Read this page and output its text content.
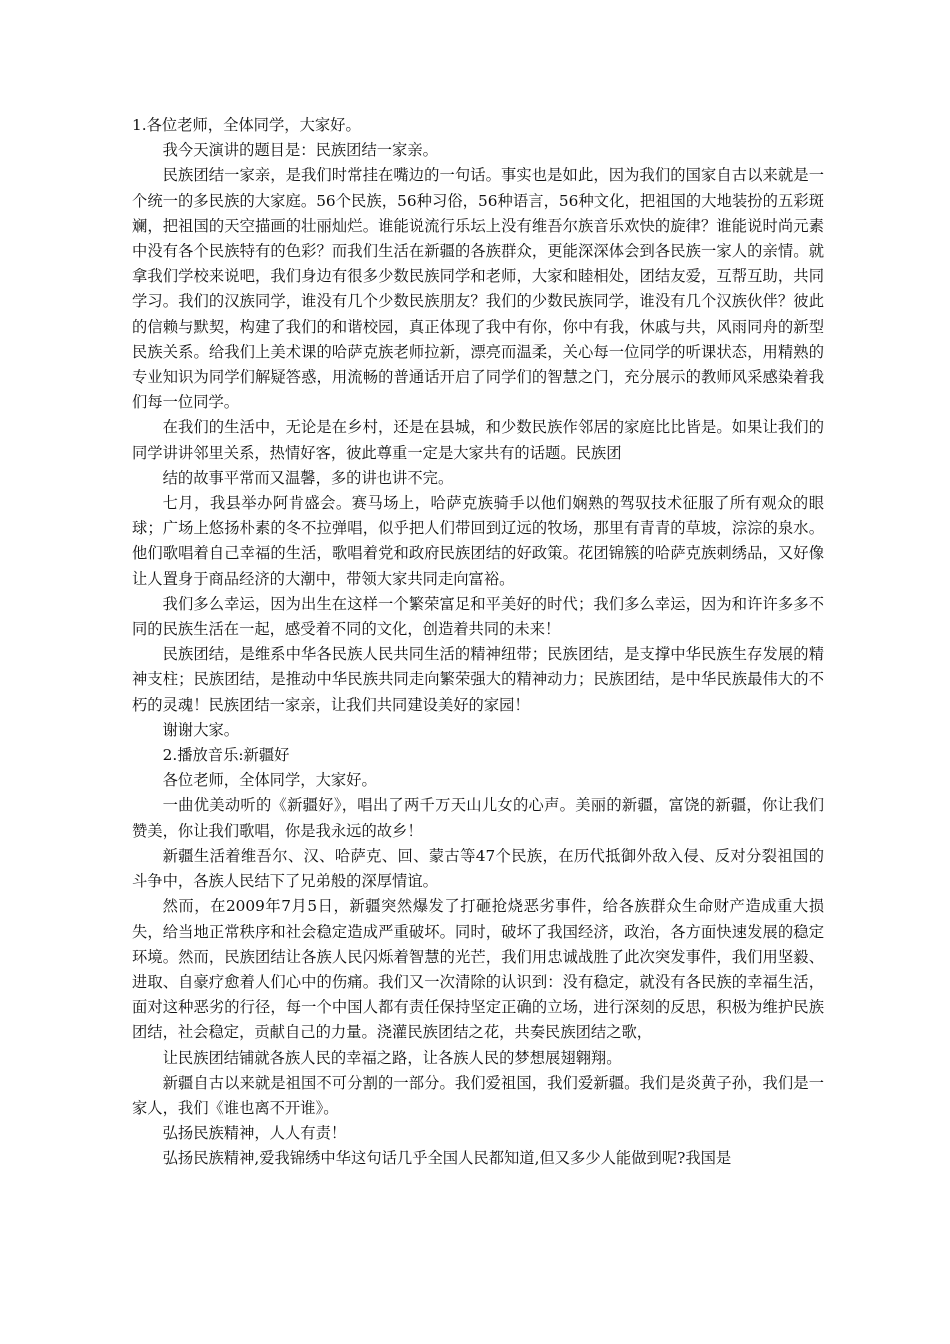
1.各位老师，全体同学，大家好。

我今天演讲的题目是：民族团结一家亲。

民族团结一家亲，是我们时常挂在嘴边的一句话。事实也是如此，因为我们的国家自古以来就是一个统一的多民族的大家庭。56个民族，56种习俗，56种语言，56种文化，把祖国的大地装扮的五彩斑斓，把祖国的天空描画的壮丽灿烂。谁能说流行乐坛上没有维吾尔族音乐欢快的旋律？谁能说时尚元素中没有各个民族特有的色彩？而我们生活在新疆的各族群众，更能深深体会到各民族一家人的亲情。就拿我们学校来说吧，我们身边有很多少数民族同学和老师，大家和睦相处，团结友爱，互帮互助，共同学习。我们的汉族同学，谁没有几个少数民族朋友？我们的少数民族同学，谁没有几个汉族伙伴？彼此的信赖与默契，构建了我们的和谐校园，真正体现了我中有你，你中有我，休戚与共，风雨同舟的新型民族关系。给我们上美术课的哈萨克族老师拉新，漂亮而温柔，关心每一位同学的听课状态，用精熟的专业知识为同学们解疑答惑，用流畅的普通话开启了同学们的智慧之门，充分展示的教师风采感染着我们每一位同学。

在我们的生活中，无论是在乡村，还是在县城，和少数民族作邻居的家庭比比皆是。如果让我们的同学讲讲邻里关系，热情好客，彼此尊重一定是大家共有的话题。民族团

结的故事平常而又温馨，多的讲也讲不完。

七月，我县举办阿肯盛会。赛马场上，哈萨克族骑手以他们娴熟的驾驭技术征服了所有观众的眼球；广场上悠扬朴素的冬不拉弹唱，似乎把人们带回到辽远的牧场，那里有青青的草坡，淙淙的泉水。他们歌唱着自己幸福的生活，歌唱着党和政府民族团结的好政策。花团锦簇的哈萨克族刺绣品，又好像让人置身于商品经济的大潮中，带领大家共同走向富裕。

我们多么幸运，因为出生在这样一个繁荣富足和平美好的时代；我们多么幸运，因为和许许多多不同的民族生活在一起，感受着不同的文化，创造着共同的未来！

民族团结，是维系中华各民族人民共同生活的精神纽带；民族团结，是支撑中华民族生存发展的精神支柱；民族团结，是推动中华民族共同走向繁荣强大的精神动力；民族团结，是中华民族最伟大的不朽的灵魂！民族团结一家亲，让我们共同建设美好的家园！

谢谢大家。

2.播放音乐:新疆好

各位老师，全体同学，大家好。

一曲优美动听的《新疆好》，唱出了两千万天山儿女的心声。美丽的新疆，富饶的新疆，你让我们赞美，你让我们歌唱，你是我永远的故乡！

新疆生活着维吾尔、汉、哈萨克、回、蒙古等47个民族，在历代抵御外敌入侵、反对分裂祖国的斗争中，各族人民结下了兄弟般的深厚情谊。

然而，在2009年7月5日，新疆突然爆发了打砸抢烧恶劣事件，给各族群众生命财产造成重大损失，给当地正常秩序和社会稳定造成严重破坏。同时，破坏了我国经济，政治，各方面快速发展的稳定环境。然而，民族团结让各族人民闪烁着智慧的光芒，我们用忠诚战胜了此次突发事件，我们用坚毅、进取、自豪疗愈着人们心中的伤痛。我们又一次清除的认识到：没有稳定，就没有各民族的幸福生活，面对这种恶劣的行径，每一个中国人都有责任保持坚定正确的立场，进行深刻的反思，积极为维护民族团结，社会稳定，贡献自己的力量。浇灌民族团结之花，共奏民族团结之歌，

让民族团结铺就各族人民的幸福之路，让各族人民的梦想展翅翱翔。

新疆自古以来就是祖国不可分割的一部分。我们爱祖国，我们爱新疆。我们是炎黄子孙，我们是一家人，我们《谁也离不开谁》。

弘扬民族精神，人人有责！

弘扬民族精神,爱我锦绣中华这句话几乎全国人民都知道,但又多少人能做到呢?我国是
